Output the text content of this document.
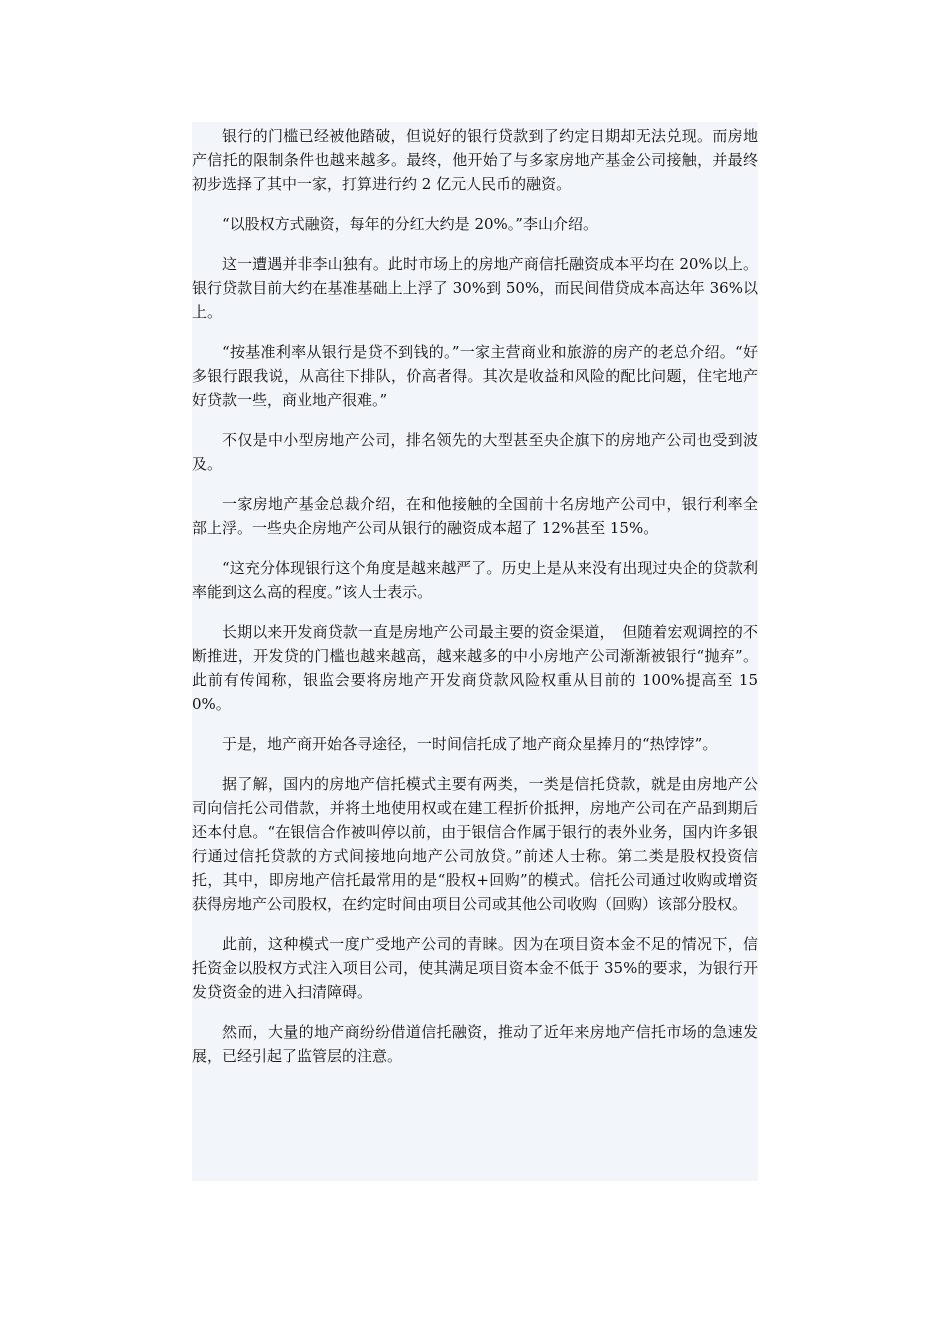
银行的门槛已经被他踏破，但说好的银行贷款到了约定日期却无法兑现。而房地产信托的限制条件也越来越多。最终，他开始了与多家房地产基金公司接触，并最终初步选择了其中一家，打算进行约 2 亿元人民币的融资。

“以股权方式融资，每年的分红大约是 20%。”李山介绍。

这一遭遇并非李山独有。此时市场上的房地产商信托融资成本平均在 20%以上。银行贷款目前大约在基准基础上上浮了 30%到 50%，而民间借贷成本高达年 36%以上。

“按基准利率从银行是贷不到钱的。”一家主营商业和旅游的房产的老总介绍。“好多银行跟我说，从高往下排队，价高者得。其次是收益和风险的配比问题，住宅地产好贷款一些，商业地产很难。”

不仅是中小型房地产公司，排名领先的大型甚至央企旗下的房地产公司也受到波及。

一家房地产基金总裁介绍，在和他接触的全国前十名房地产公司中，银行利率全部上浮。一些央企房地产公司从银行的融资成本超了 12%甚至 15%。

“这充分体现银行这个角度是越来越严了。历史上是从来没有出现过央企的贷款利率能到这么高的程度。”该人士表示。

长期以来开发商贷款一直是房地产公司最主要的资金渠道，　但随着宏观调控的不断推进，开发贷的门槛也越来越高，越来越多的中小房地产公司渐渐被银行“抛弃”。此前有传闻称，银监会要将房地产开发商贷款风险权重从目前的 100%提高至 150%。

于是，地产商开始各寻途径，一时间信托成了地产商众星捧月的“热饽饽”。

据了解，国内的房地产信托模式主要有两类，一类是信托贷款，就是由房地产公司向信托公司借款，并将土地使用权或在建工程折价抵押，房地产公司在产品到期后还本付息。“在银信合作被叫停以前，由于银信合作属于银行的表外业务，国内许多银行通过信托贷款的方式间接地向地产公司放贷。”前述人士称。第二类是股权投资信托，其中，即房地产信托最常用的是“股权+回购”的模式。信托公司通过收购或增资获得房地产公司股权，在约定时间由项目公司或其他公司收购（回购）该部分股权。

此前，这种模式一度广受地产公司的青睐。因为在项目资本金不足的情况下，信托资金以股权方式注入项目公司，使其满足项目资本金不低于 35%的要求，为银行开发贷资金的进入扫清障碍。

然而，大量的地产商纷纷借道信托融资，推动了近年来房地产信托市场的急速发展，已经引起了监管层的注意。
